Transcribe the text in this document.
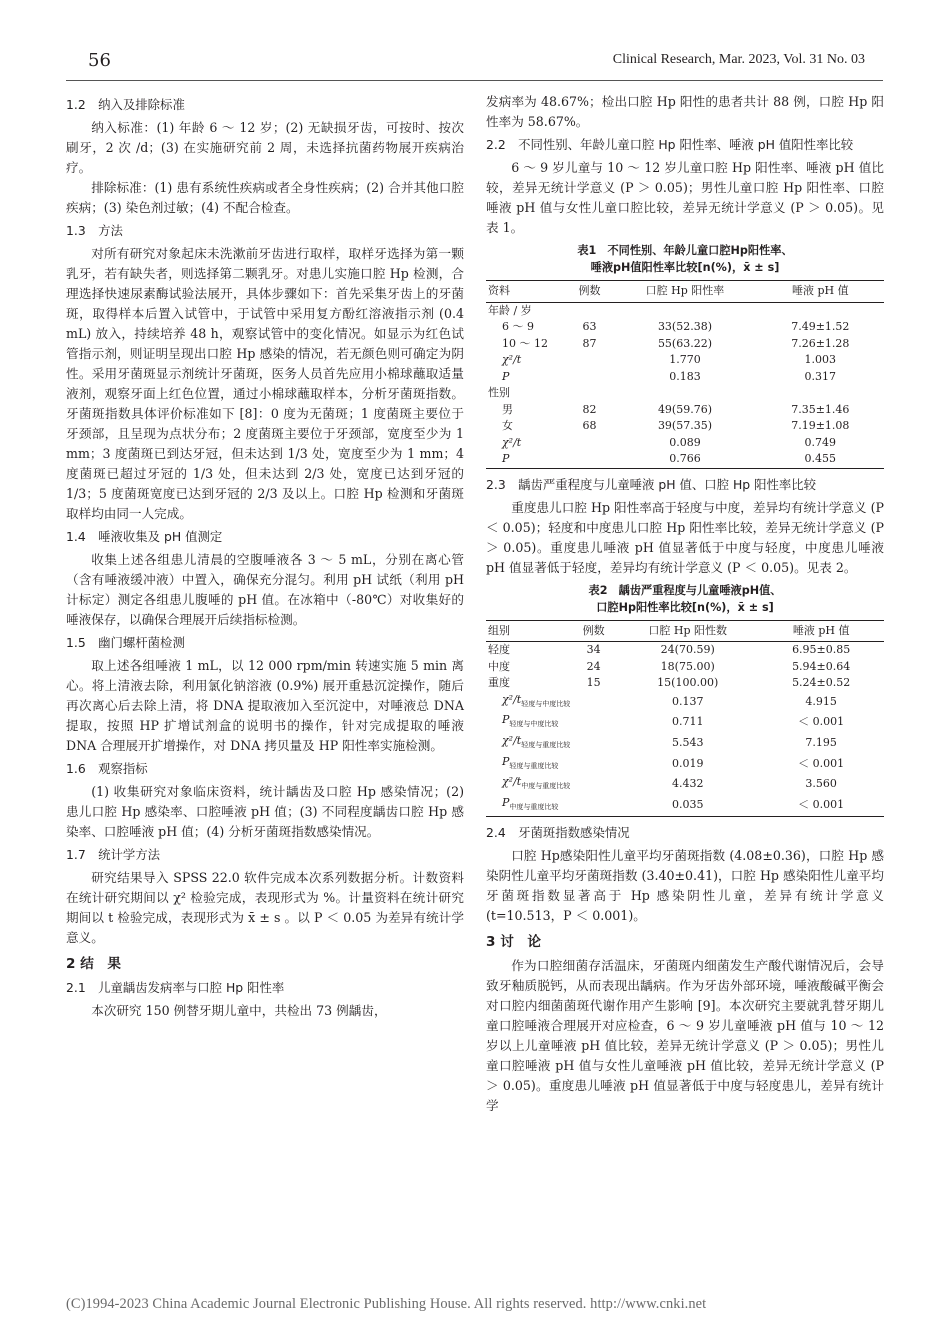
56	Clinical Research, Mar. 2023, Vol. 31 No. 03
1.2　纳入及排除标准

纳入标准：(1) 年龄 6 ～ 12 岁；(2) 无缺损牙齿，可按时、按次刷牙，2 次 /d；(3) 在实施研究前 2 周，未选择抗菌药物展开疾病治疗。

排除标准：(1) 患有系统性疾病或者全身性疾病；(2) 合并其他口腔疾病；(3) 染色剂过敏；(4) 不配合检查。

1.3　方法

对所有研究对象起床未洗漱前牙齿进行取样，取样牙选择为第一颗乳牙，若有缺失者，则选择第二颗乳牙。对患儿实施口腔 Hp 检测，合理选择快速尿素酶试验法展开，具体步骤如下：首先采集牙齿上的牙菌斑，取得样本后置入试管中，于试管中采用复方酚红溶液指示剂 (0.4 mL) 放入，持续培养 48 h，观察试管中的变化情况。如显示为红色试管指示剂，则证明呈现出口腔 Hp 感染的情况，若无颜色则可确定为阴性。采用牙菌斑显示剂统计牙菌斑，医务人员首先应用小棉球蘸取适量液剂，观察牙面上红色位置，通过小棉球蘸取样本，分析牙菌斑指数。牙菌斑指数具体评价标准如下 [8]：0 度为无菌斑；1 度菌斑主要位于牙颈部，且呈现为点状分布；2 度菌斑主要位于牙颈部，宽度至少为 1 mm；3 度菌斑已到达牙冠，但未达到 1/3 处，宽度至少为 1 mm；4 度菌斑已超过牙冠的 1/3 处，但未达到 2/3 处，宽度已达到牙冠的 1/3；5 度菌斑宽度已达到牙冠的 2/3 及以上。口腔 Hp 检测和牙菌斑取样均由同一人完成。

1.4　唾液收集及 pH 值测定

收集上述各组患儿清晨的空腹唾液各 3 ～ 5 mL，分别在离心管（含有唾液缓冲液）中置入，确保充分混匀。利用 pH 试纸（利用 pH 计标定）测定各组患儿腹唾的 pH 值。在冰箱中（-80℃）对收集好的唾液保存，以确保合理展开后续指标检测。

1.5　幽门螺杆菌检测

取上述各组唾液 1 mL，以 12 000 rpm/min 转速实施 5 min 离心。将上清液去除，利用氯化钠溶液 (0.9%) 展开重悬沉淀操作，随后再次离心后去除上清，将 DNA 提取液加入至沉淀中，对唾液总 DNA 提取，按照 HP 扩增试剂盒的说明书的操作，针对完成提取的唾液 DNA 合理展开扩增操作，对 DNA 拷贝量及 HP 阳性率实施检测。

1.6　观察指标

(1) 收集研究对象临床资料，统计龋齿及口腔 Hp 感染情况；(2) 患儿口腔 Hp 感染率、口腔唾液 pH 值；(3) 不同程度龋齿口腔 Hp 感染率、口腔唾液 pH 值；(4) 分析牙菌斑指数感染情况。

1.7　统计学方法

研究结果导入 SPSS 22.0 软件完成本次系列数据分析。计数资料在统计研究期间以 χ² 检验完成，表现形式为 %。计量资料在统计研究期间以 t 检验完成，表现形式为 x̄ ± s 。以 P ＜ 0.05 为差异有统计学意义。

2 结　果
2.1　儿童龋齿发病率与口腔 Hp 阳性率

本次研究 150 例替牙期儿童中，共检出 73 例龋齿，

发病率为 48.67%；检出口腔 Hp 阳性的患者共计 88 例，口腔 Hp 阳性率为 58.67%。

2.2　不同性别、年龄儿童口腔 Hp 阳性率、唾液 pH 值阳性率比较

6 ～ 9 岁儿童与 10 ～ 12 岁儿童口腔 Hp 阳性率、唾液 pH 值比较，差异无统计学意义 (P ＞ 0.05)；男性儿童口腔 Hp 阳性率、口腔唾液 pH 值与女性儿童口腔比较，差异无统计学意义 (P ＞ 0.05)。见表 1。

表1　不同性别、年龄儿童口腔Hp阳性率、
唾液pH值阳性率比较[n(%)，x̄ ± s]
资料	例数	口腔 Hp 阳性率	唾液 pH 值
年龄 / 岁			
6 ～ 9	63	33(52.38)	7.49±1.52
10 ～ 12	87	55(63.22)	7.26±1.28
χ²/t		1.770	1.003
P		0.183	0.317
性别			
男	82	49(59.76)	7.35±1.46
女	68	39(57.35)	7.19±1.08
χ²/t		0.089	0.749
P		0.766	0.455
2.3　龋齿严重程度与儿童唾液 pH 值、口腔 Hp 阳性率比较

重度患儿口腔 Hp 阳性率高于轻度与中度，差异均有统计学意义 (P ＜ 0.05)；轻度和中度患儿口腔 Hp 阳性率比较，差异无统计学意义 (P ＞ 0.05)。重度患儿唾液 pH 值显著低于中度与轻度，中度患儿唾液 pH 值显著低于轻度，差异均有统计学意义 (P ＜ 0.05)。见表 2。

表2　龋齿严重程度与儿童唾液pH值、
口腔Hp阳性率比较[n(%)，x̄ ± s]
组别	例数	口腔 Hp 阳性数	唾液 pH 值
轻度	34	24(70.59)	6.95±0.85
中度	24	18(75.00)	5.94±0.64
重度	15	15(100.00)	5.24±0.52
$\chi^2/t_{轻度与中度比较}$		0.137	4.915
$P_{轻度与中度比较}$		0.711	＜ 0.001
$\chi^2/t_{轻度与重度比较}$		5.543	7.195
$P_{轻度与重度比较}$		0.019	＜ 0.001
$\chi^2/t_{中度与重度比较}$		4.432	3.560
$P_{中度与重度比较}$		0.035	＜ 0.001
2.4　牙菌斑指数感染情况

口腔 Hp感染阳性儿童平均牙菌斑指数 (4.08±0.36)，口腔 Hp 感染阴性儿童平均牙菌斑指数 (3.40±0.41)，口腔 Hp 感染阳性儿童平均牙菌斑指数显著高于 Hp 感染阴性儿童，差异有统计学意义 (t=10.513，P ＜ 0.001)。

3 讨　论

作为口腔细菌存活温床，牙菌斑内细菌发生产酸代谢情况后，会导致牙釉质脱钙，从而表现出龋病。作为牙齿外部环境，唾液酸碱平衡会对口腔内细菌菌斑代谢作用产生影响 [9]。本次研究主要就乳替牙期儿童口腔唾液合理展开对应检查，6 ～ 9 岁儿童唾液 pH 值与 10 ～ 12 岁以上儿童唾液 pH 值比较，差异无统计学意义 (P ＞ 0.05)；男性儿童口腔唾液 pH 值与女性儿童唾液 pH 值比较，差异无统计学意义 (P ＞ 0.05)。重度患儿唾液 pH 值显著低于中度与轻度患儿，差异有统计学

(C)1994-2023 China Academic Journal Electronic Publishing House. All rights reserved. http://www.cnki.net
